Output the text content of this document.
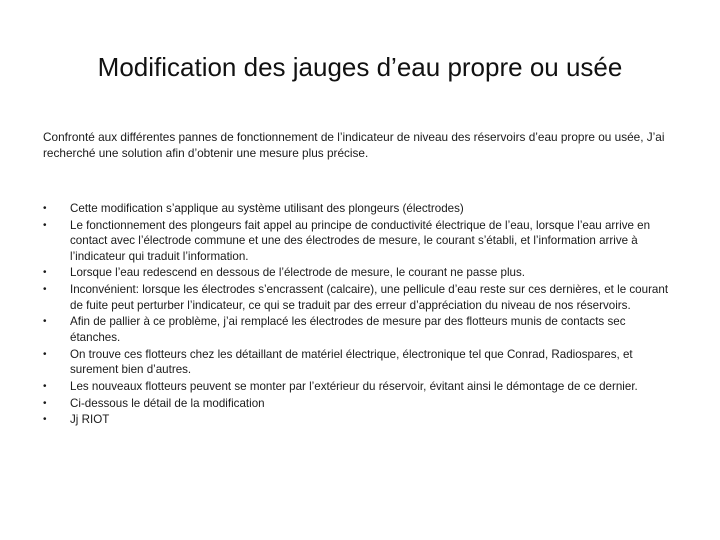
Modification des jauges d’eau propre ou usée

Confronté aux différentes pannes de fonctionnement de l’indicateur de niveau des réservoirs d’eau propre ou usée, J’ai recherché une solution afin d’obtenir une mesure plus précise.

• Cette modification s’applique au système utilisant des plongeurs (électrodes)
• Le fonctionnement des plongeurs fait appel au principe de conductivité électrique de l’eau, lorsque l’eau arrive en contact avec l’électrode commune et une des électrodes de mesure, le courant s’établi, et l’information arrive à l’indicateur qui traduit l’information.
• Lorsque l’eau redescend en dessous de l’électrode de mesure, le courant ne passe plus.
• Inconvénient: lorsque les électrodes s’encrassent (calcaire), une pellicule d’eau reste sur ces dernières, et le courant de fuite peut perturber l’indicateur, ce qui se traduit par des erreur d’appréciation du niveau de nos réservoirs.
• Afin de pallier à ce problème, j’ai remplacé les électrodes de mesure par des flotteurs munis de contacts sec étanches.
• On trouve ces flotteurs chez les détaillant de matériel électrique, électronique tel que Conrad, Radiospares, et surement bien d’autres.
• Les nouveaux flotteurs peuvent se monter par l’extérieur du réservoir, évitant ainsi le démontage de ce dernier.
• Ci-dessous le détail de la modification
• Jj RIOT
